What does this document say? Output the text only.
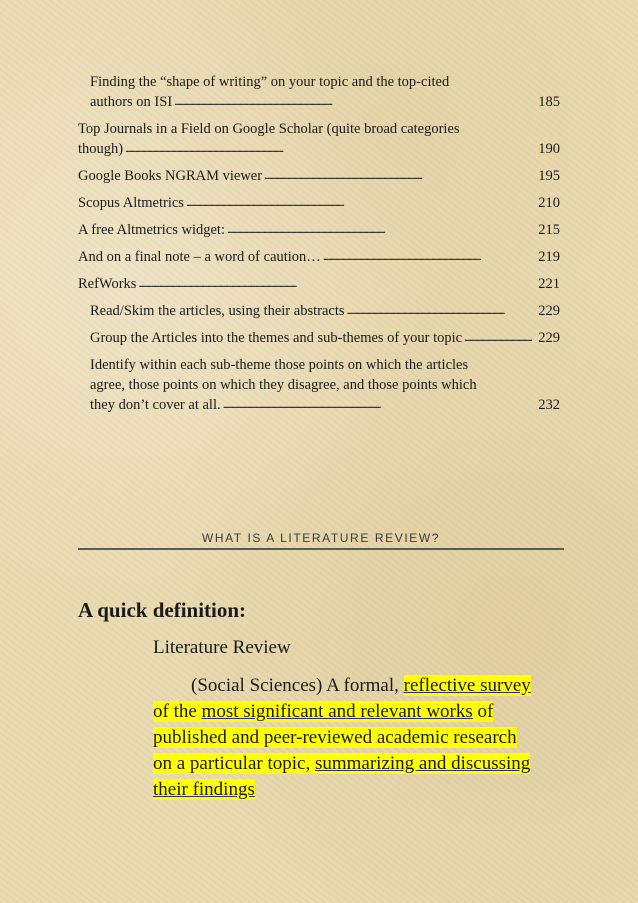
Finding the “shape of writing” on your topic and the top-cited
authors on ISI . . .	185
Top Journals in a Field on Google Scholar (quite broad categories
though) . . .	190
Google Books NGRAM viewer . . .	195
Scopus Altmetrics . . .	210
A free Altmetrics widget: . . .	215
And on a final note – a word of caution… . . .	219
RefWorks . . .	221
Read/Skim the articles, using their abstracts . . .	229
Group the Articles into the themes and sub-themes of your topic . . .	229
Identify within each sub-theme those points on which the articles
agree, those points on which they disagree, and those points which
they don’t cover at all. . . .	232
WHAT IS A LITERATURE REVIEW?
A quick definition:
Literature Review
(Social Sciences) A formal, reflective survey of the most significant and relevant works of published and peer-reviewed academic research on a particular topic, summarizing and discussing their findings
